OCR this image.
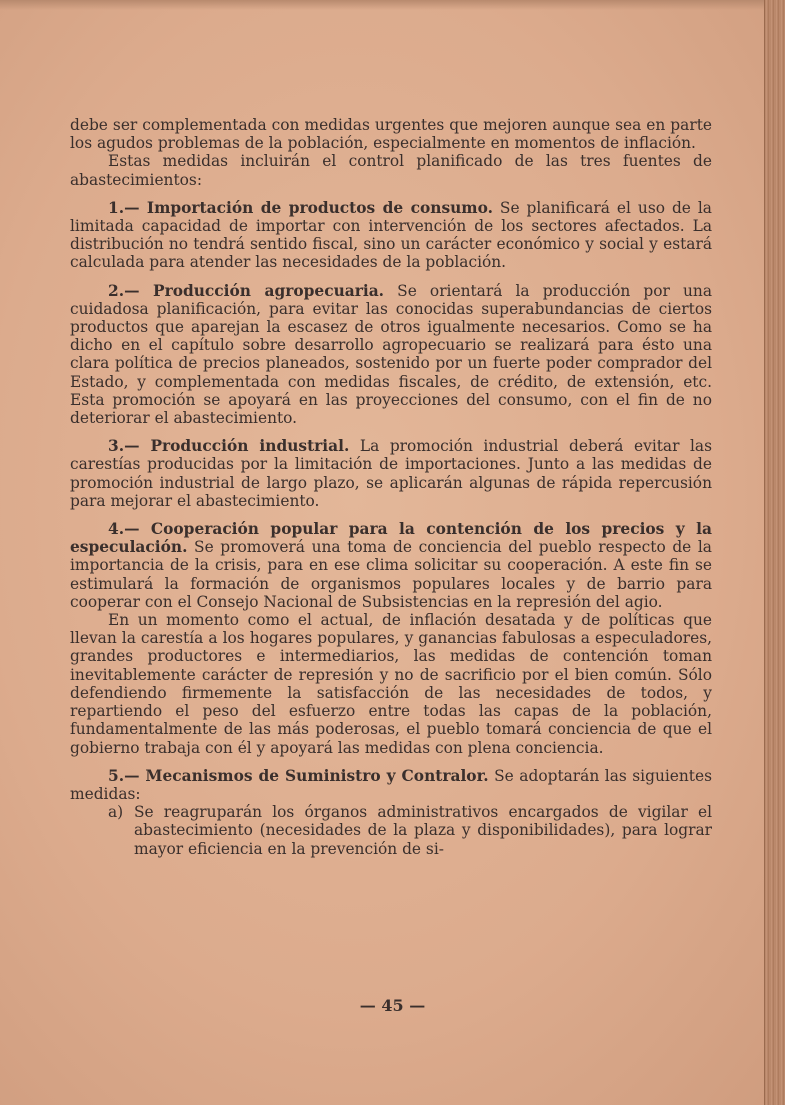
debe ser complementada con medidas urgentes que mejoren aunque sea en parte los agudos problemas de la población, especialmente en momentos de inflación.

Estas medidas incluirán el control planificado de las tres fuentes de abastecimientos:

1.— Importación de productos de consumo. Se planificará el uso de la limitada capacidad de importar con intervención de los sectores afectados. La distribución no tendrá sentido fiscal, sino un carácter económico y social y estará calculada para atender las necesidades de la población.

2.— Producción agropecuaria. Se orientará la producción por una cuidadosa planificación, para evitar las conocidas superabundancias de ciertos productos que aparejan la escasez de otros igualmente necesarios. Como se ha dicho en el capítulo sobre desarrollo agropecuario se realizará para ésto una clara política de precios planeados, sostenido por un fuerte poder comprador del Estado, y complementada con medidas fiscales, de crédito, de extensión, etc. Esta promoción se apoyará en las proyecciones del consumo, con el fin de no deteriorar el abastecimiento.

3.— Producción industrial. La promoción industrial deberá evitar las carestías producidas por la limitación de importaciones. Junto a las medidas de promoción industrial de largo plazo, se aplicarán algunas de rápida repercusión para mejorar el abastecimiento.

4.— Cooperación popular para la contención de los precios y la especulación. Se promoverá una toma de conciencia del pueblo respecto de la importancia de la crisis, para en ese clima solicitar su cooperación. A este fin se estimulará la formación de organismos populares locales y de barrio para cooperar con el Consejo Nacional de Subsistencias en la represión del agio.

En un momento como el actual, de inflación desatada y de políticas que llevan la carestía a los hogares populares, y ganancias fabulosas a especuladores, grandes productores e intermediarios, las medidas de contención toman inevitablemente carácter de represión y no de sacrificio por el bien común. Sólo defendiendo firmemente la satisfacción de las necesidades de todos, y repartiendo el peso del esfuerzo entre todas las capas de la población, fundamentalmente de las más poderosas, el pueblo tomará conciencia de que el gobierno trabaja con él y apoyará las medidas con plena conciencia.

5.— Mecanismos de Suministro y Contralor. Se adoptarán las siguientes medidas:

a) Se reagruparán los órganos administrativos encargados de vigilar el abastecimiento (necesidades de la plaza y disponibilidades), para lograr mayor eficiencia en la prevención de si-
— 45 —
